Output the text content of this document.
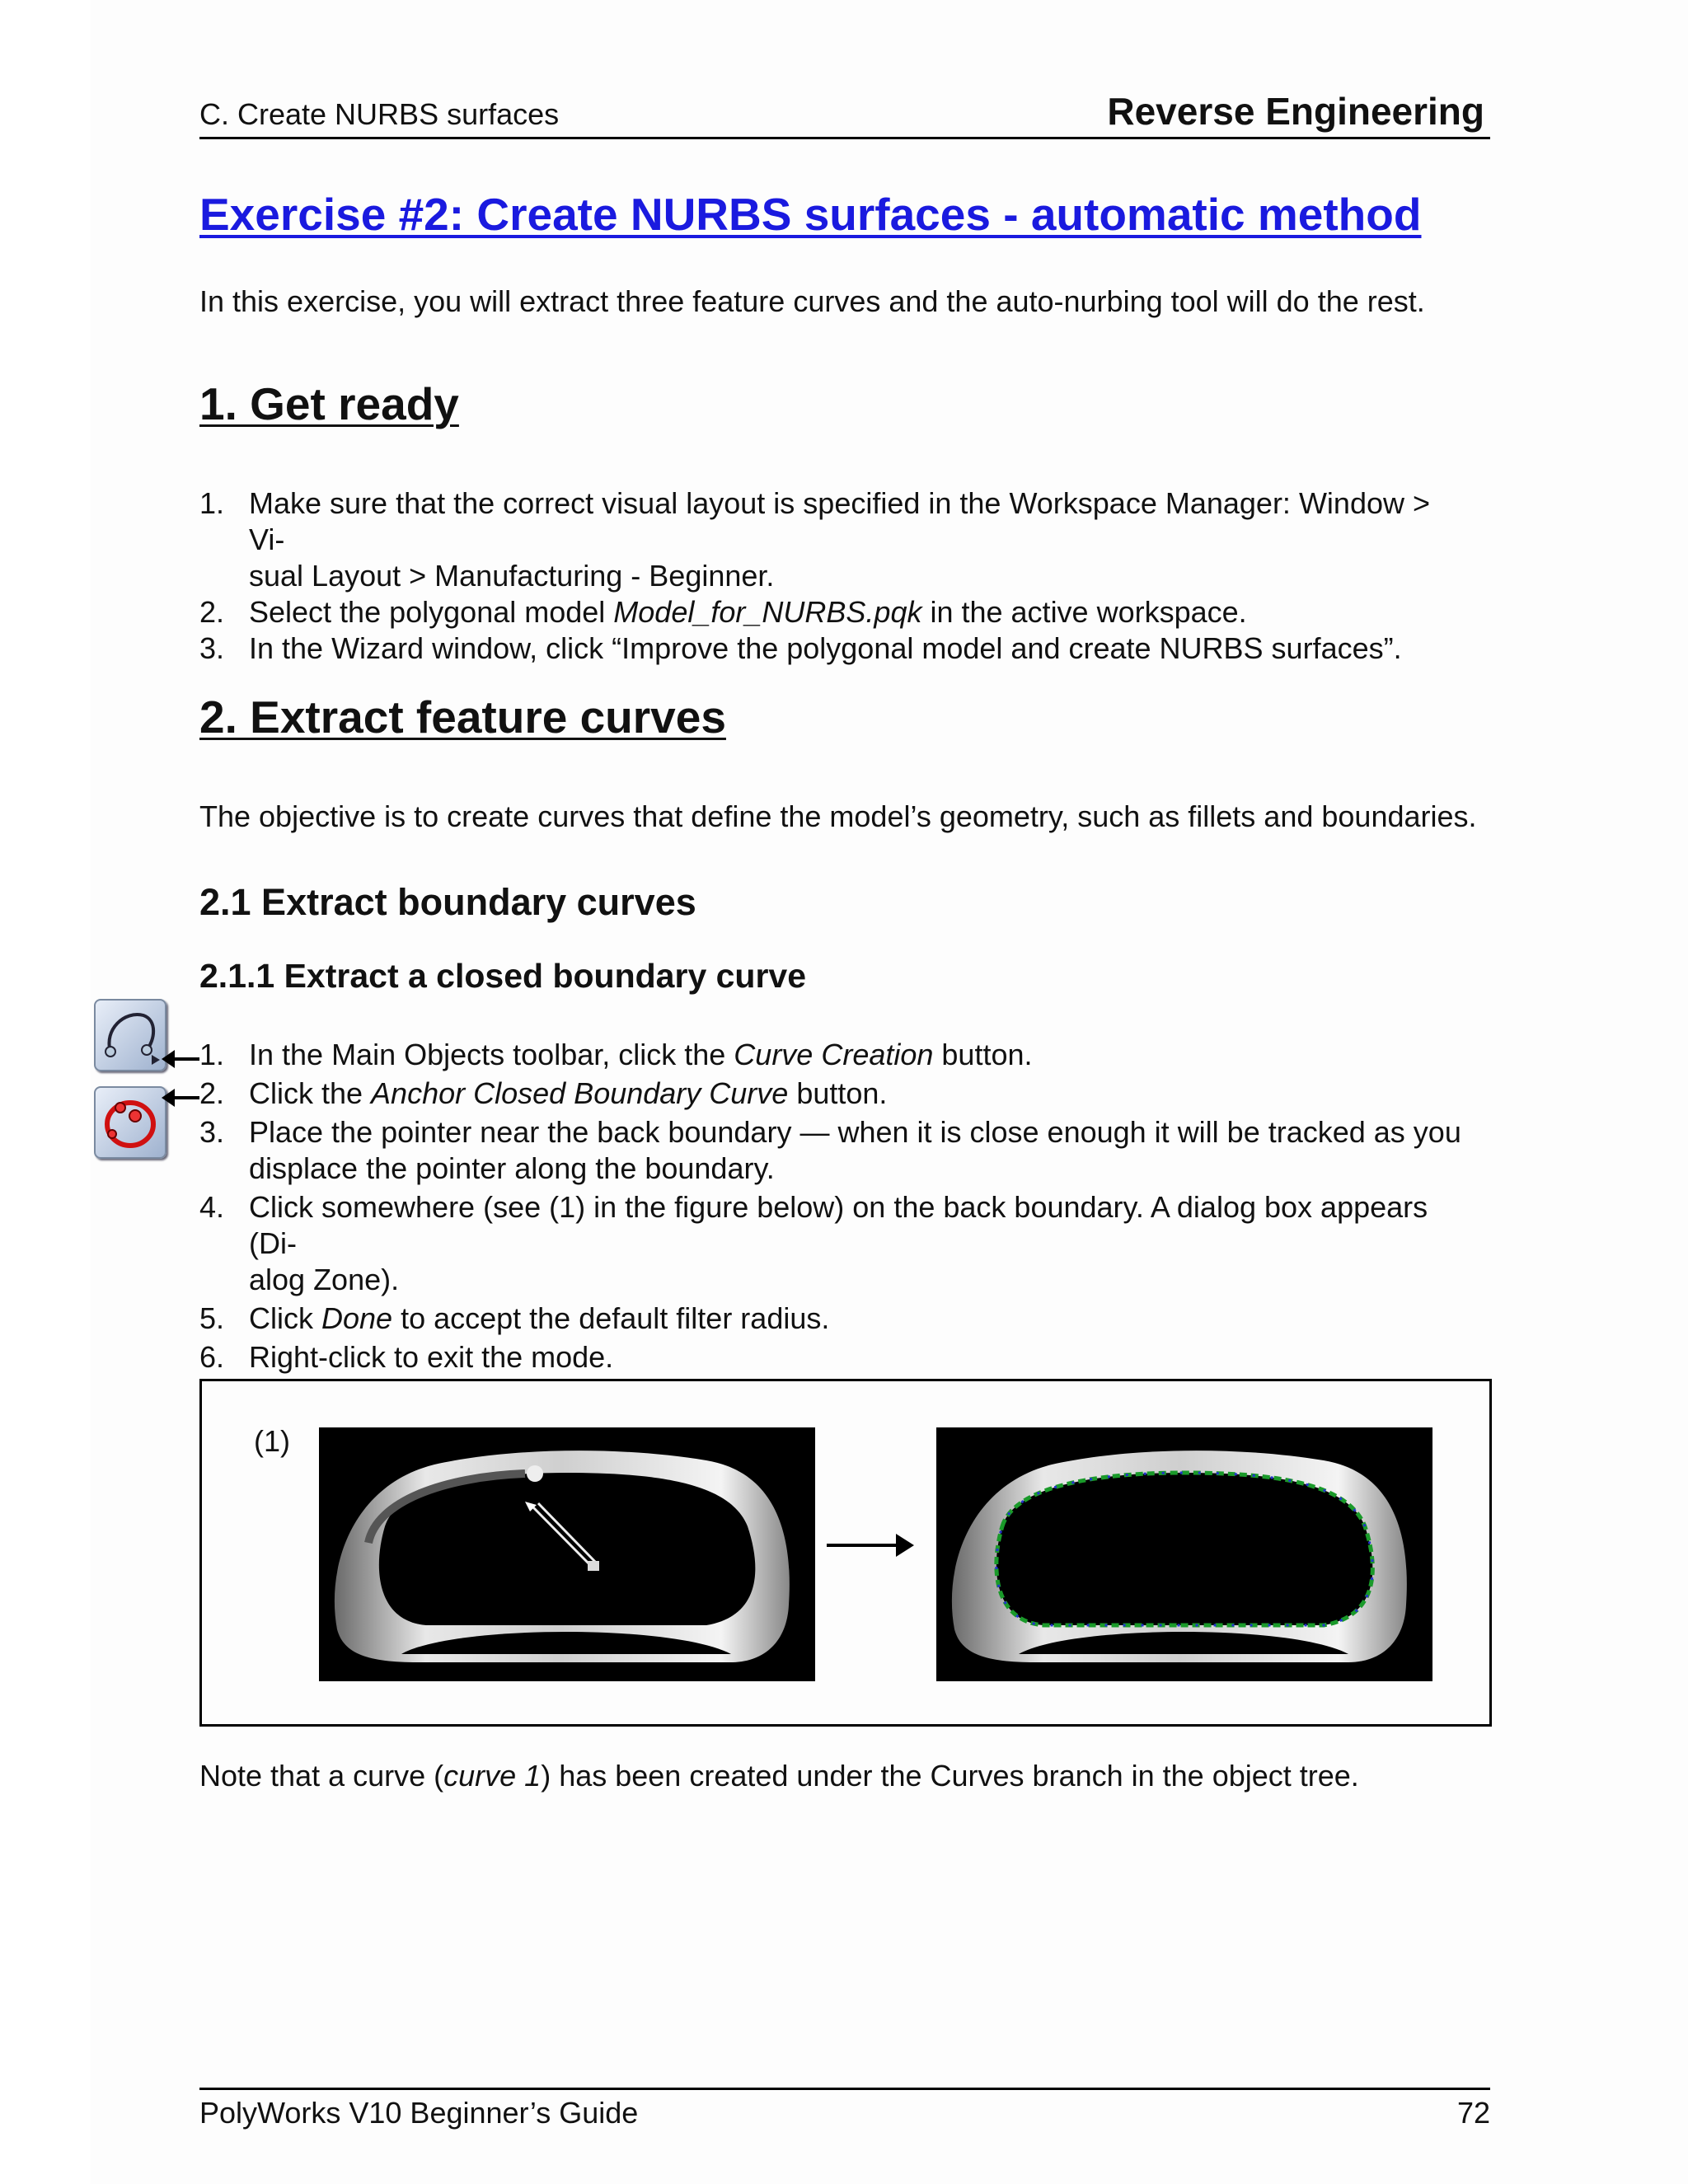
C. Create NURBS surfaces	Reverse Engineering
Exercise #2: Create NURBS surfaces - automatic method
In this exercise, you will extract three feature curves and the auto-nurbing tool will do the rest.
1. Get ready
1. Make sure that the correct visual layout is specified in the Workspace Manager: Window > Vi-
sual Layout > Manufacturing - Beginner.
2. Select the polygonal model Model_for_NURBS.pqk in the active workspace.
3. In the Wizard window, click “Improve the polygonal model and create NURBS surfaces”.
2. Extract feature curves
The objective is to create curves that define the model’s geometry, such as fillets and boundaries.
2.1 Extract boundary curves
2.1.1 Extract a closed boundary curve
1. In the Main Objects toolbar, click the Curve Creation button.
2. Click the Anchor Closed Boundary Curve button.
3. Place the pointer near the back boundary — when it is close enough it will be tracked as you
displace the pointer along the boundary.
4. Click somewhere (see (1) in the figure below) on the back boundary. A dialog box appears (Di-
alog Zone).
5. Click Done to accept the default filter radius.
6. Right-click to exit the mode.
(1)
Note that a curve (curve 1) has been created under the Curves branch in the object tree.
PolyWorks V10 Beginner’s Guide	72
